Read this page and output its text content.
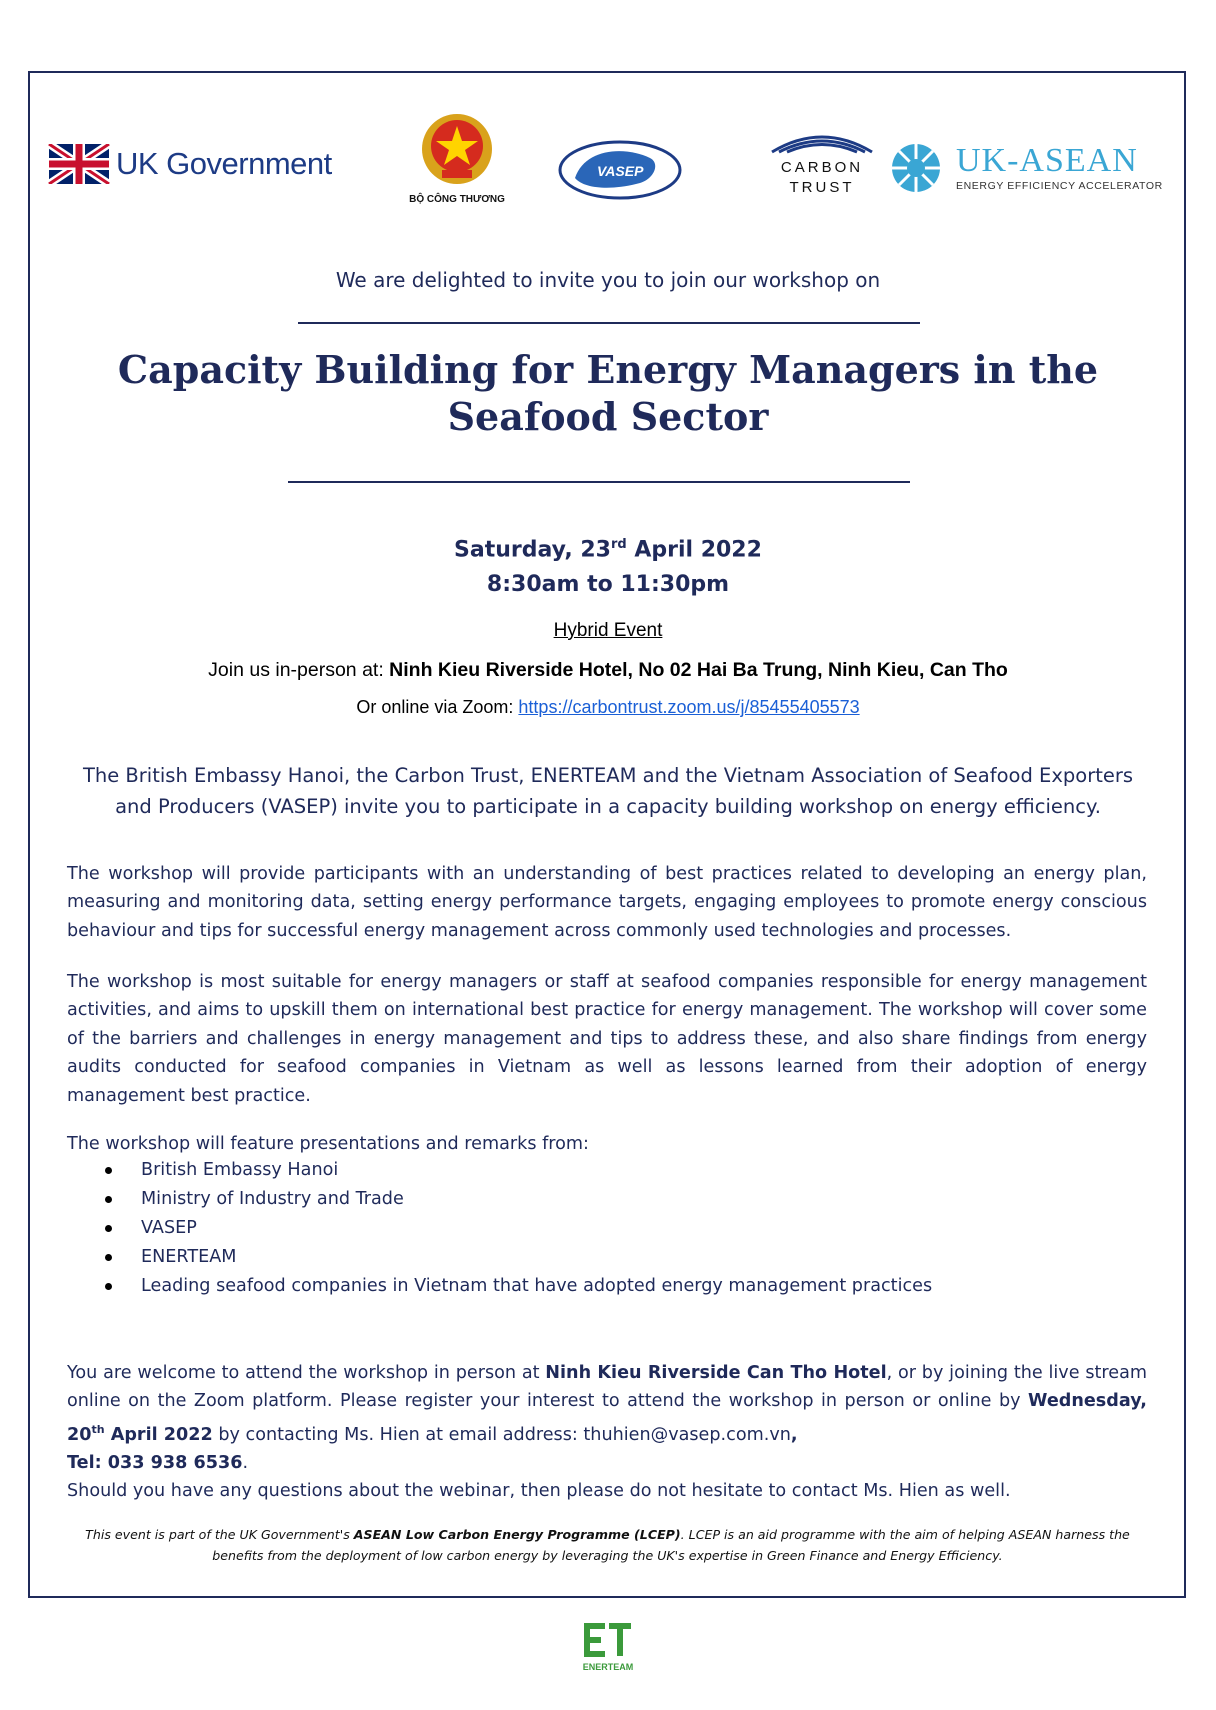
UK Government
BỘ CÔNG THƯƠNG
VASEP	CARBON
TRUST
UK-ASEAN
ENERGY EFFICIENCY ACCELERATOR
We are delighted to invite you to join our workshop on
Capacity Building for Energy Managers in the
Seafood Sector
Saturday, 23rd April 2022
8:30am to 11:30pm
Hybrid Event
Join us in-person at: Ninh Kieu Riverside Hotel, No 02 Hai Ba Trung, Ninh Kieu, Can Tho
Or online via Zoom: https://carbontrust.zoom.us/j/85455405573
The British Embassy Hanoi, the Carbon Trust, ENERTEAM and the Vietnam Association of Seafood Exporters
and Producers (VASEP) invite you to participate in a capacity building workshop on energy efficiency.
The workshop will provide participants with an understanding of best practices related to developing an energy plan, measuring and monitoring data, setting energy performance targets, engaging employees to promote energy conscious behaviour and tips for successful energy management across commonly used technologies and processes.
The workshop is most suitable for energy managers or staff at seafood companies responsible for energy management activities, and aims to upskill them on international best practice for energy management. The workshop will cover some of the barriers and challenges in energy management and tips to address these, and also share findings from energy audits conducted for seafood companies in Vietnam as well as lessons learned from their adoption of energy management best practice.
The workshop will feature presentations and remarks from:
British Embassy Hanoi
Ministry of Industry and Trade
VASEP
ENERTEAM
Leading seafood companies in Vietnam that have adopted energy management practices
You are welcome to attend the workshop in person at Ninh Kieu Riverside Can Tho Hotel, or by joining the live stream online on the Zoom platform. Please register your interest to attend the workshop in person or online by Wednesday, 20th April 2022 by contacting Ms. Hien at email address: thuhien@vasep.com.vn,
Tel: 033 938 6536.
Should you have any questions about the webinar, then please do not hesitate to contact Ms. Hien as well.
This event is part of the UK Government's ASEAN Low Carbon Energy Programme (LCEP). LCEP is an aid programme with the aim of helping ASEAN harness the
benefits from the deployment of low carbon energy by leveraging the UK's expertise in Green Finance and Energy Efficiency.
ENERTEAM
